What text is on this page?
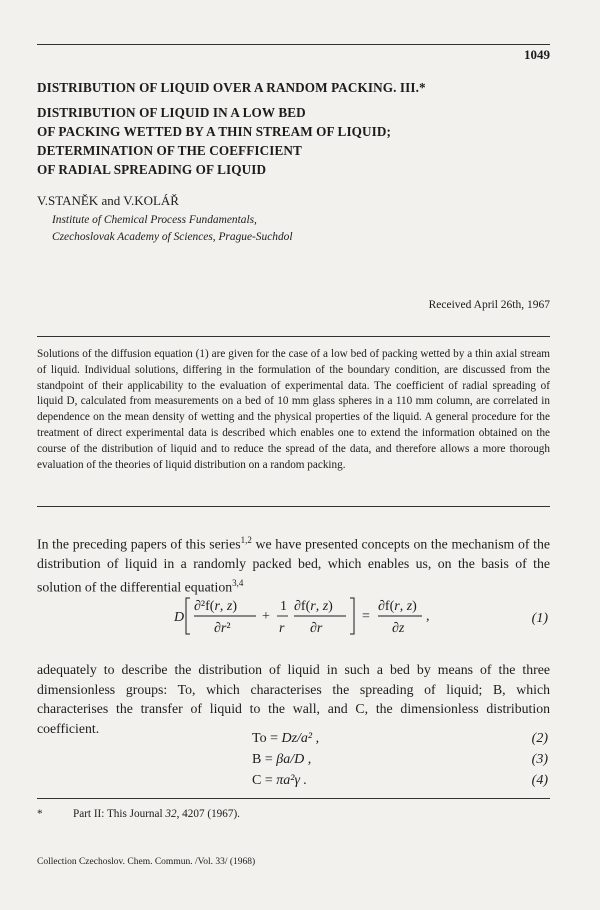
1049
DISTRIBUTION OF LIQUID OVER A RANDOM PACKING. III.*
DISTRIBUTION OF LIQUID IN A LOW BED
OF PACKING WETTED BY A THIN STREAM OF LIQUID;
DETERMINATION OF THE COEFFICIENT
OF RADIAL SPREADING OF LIQUID
V.STANĚK and V.KOLÁŘ
Institute of Chemical Process Fundamentals,
Czechoslovak Academy of Sciences, Prague-Suchdol
Received April 26th, 1967
Solutions of the diffusion equation (1) are given for the case of a low bed of packing wetted by a thin axial stream of liquid. Individual solutions, differing in the formulation of the boundary condition, are discussed from the standpoint of their applicability to the evaluation of experimental data. The coefficient of radial spreading of liquid D, calculated from measurements on a bed of 10 mm glass spheres in a 110 mm column, are correlated in dependence on the mean density of wetting and the physical properties of the liquid. A general procedure for the treatment of direct experimental data is described which enables one to extend the information obtained on the course of the distribution of liquid and to reduce the spread of the data, and therefore allows a more thorough evaluation of the theories of liquid distribution on a random packing.
In the preceding papers of this series$^{1,2}$ we have presented concepts on the mechanism of the distribution of liquid in a randomly packed bed, which enables us, on the basis of the solution of the differential equation$^{3,4}$
D
∂²f(r, z)
∂r²
+
1
r
∂f(r, z)
∂r
=
∂f(r, z)
∂z
,	(1)
adequately to describe the distribution of liquid in such a bed by means of the three dimensionless groups: To, which characterises the spreading of liquid; B, which characterises the transfer of liquid to the wall, and C, the dimensionless distribution coefficient.
To = Dz/a² ,	(2)
B = βa/D ,	(3)
C = πa²γ .	(4)
*	Part II: This Journal 32, 4207 (1967).
Collection Czechoslov. Chem. Commun. /Vol. 33/ (1968)
